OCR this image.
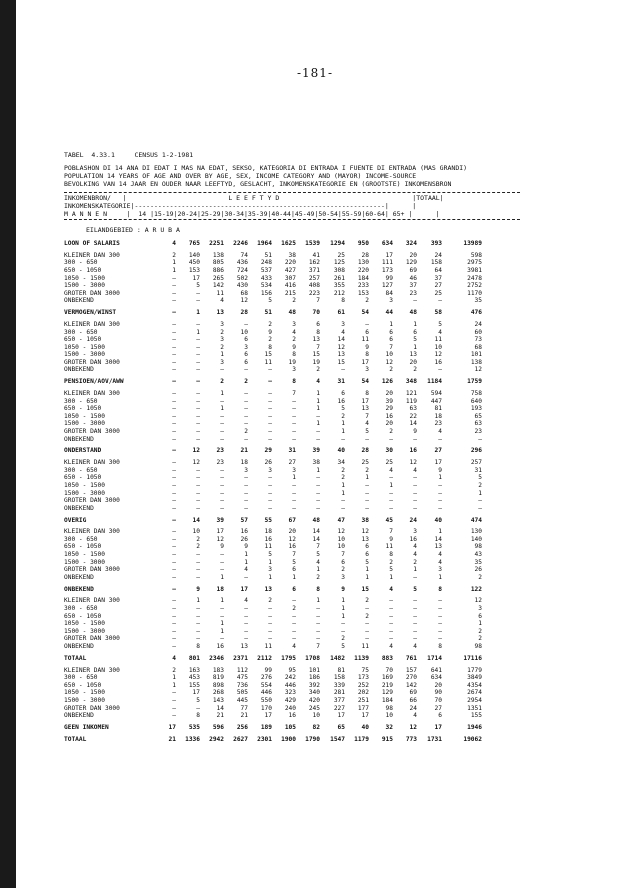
-181-
TABEL  4.33.1	CENSUS 1-2-1981
POBLASHON DI 14 ANA DI EDAT I MAS NA EDAT, SEKSO, KATEGORIA DI ENTRADA I FUENTE DI ENTRADA (MAS GRANDI)
POPULATION 14 YEARS OF AGE AND OVER BY AGE, SEX, INCOME CATEGORY AND (MAYOR) INCOME-SOURCE
BEVOLKING VAN 14 JAAR EN OUDER NAAR LEEFTYD, GESLACHT, INKOMENSKATEGORIE EN (GROOTSTE) INKOMENSBRON
INKOMENBRON/   |                          L E E F T Y D                                  |TOTAAL|
INKOMENSKATEGORIE|----------------------------------------------------------------|      |
M A N N E N     |  14 |15-19|20-24|25-29|30-34|35-39|40-44|45-49|50-54|55-59|60-64| 65+ |      |
EILANDGEBIED : A R U B A
LOON OF SALARIS	4	765	2251	2246	1964	1625	1539	1294	950	634	324	393	13989
KLEINER DAN 300	2	140	138	74	51	38	41	25	28	17	20	24	598
300 - 650	1	450	805	436	248	220	162	125	130	111	129	158	2975
650 - 1050	1	153	886	724	537	427	371	308	220	173	69	64	3981
1050 - 1500	–	17	265	502	433	307	257	261	184	99	46	37	2478
1500 - 3000	–	5	142	430	534	416	408	355	233	127	37	27	2752
GROTER DAN 3000	–	–	11	68	156	215	223	212	153	84	23	25	1170
ONBEKEND	–	–	4	12	5	2	7	8	2	3	–	–	35
VERMOGEN/WINST	–	1	13	28	51	48	70	61	54	44	48	58	476
KLEINER DAN 300	–	–	3	–	2	3	6	3	–	1	1	5	24
300 - 650	–	1	2	10	9	4	8	4	6	6	6	4	60
650 - 1050	–	–	3	6	2	2	13	14	11	6	5	11	73
1050 - 1500	–	–	2	3	8	9	7	12	9	7	1	10	68
1500 - 3000	–	–	1	6	15	8	15	13	8	10	13	12	101
GROTER DAN 3000	–	–	3	6	11	19	19	15	17	12	20	16	138
ONBEKEND	–	–	–	–	–	3	2	–	3	2	2	–	12
PENSIOEN/AOV/AWW	–	–	2	2	–	8	4	31	54	126	348	1184	1759
KLEINER DAN 300	–	–	1	–	–	7	1	6	8	20	121	594	758
300 - 650	–	–	–	–	–	–	1	16	17	39	119	447	640
650 - 1050	–	–	1	–	–	–	1	5	13	29	63	81	193
1050 - 1500	–	–	–	–	–	–	–	2	7	16	22	18	65
1500 - 3000	–	–	–	–	–	–	1	1	4	20	14	23	63
GROTER DAN 3000	–	–	–	2	–	–	–	1	5	2	9	4	23
ONBEKEND	–	–	–	–	–	–	–	–	–	–	–	–	–
ONDERSTAND	–	12	23	21	29	31	39	40	28	30	16	27	296
KLEINER DAN 300	–	12	23	18	26	27	38	34	25	25	12	17	257
300 - 650	–	–	–	3	3	3	1	2	2	4	4	9	31
650 - 1050	–	–	–	–	–	1	–	2	1	–	–	1	5
1050 - 1500	–	–	–	–	–	–	–	1	–	1	–	–	2
1500 - 3000	–	–	–	–	–	–	–	1	–	–	–	–	1
GROTER DAN 3000	–	–	–	–	–	–	–	–	–	–	–	–	–
ONBEKEND	–	–	–	–	–	–	–	–	–	–	–	–	–
OVERIG	–	14	39	57	55	67	48	47	38	45	24	40	474
KLEINER DAN 300	–	10	17	16	18	20	14	12	12	7	3	1	130
300 - 650	–	2	12	26	16	12	14	10	13	9	16	14	140
650 - 1050	–	2	9	9	11	16	7	10	6	11	4	13	98
1050 - 1500	–	–	–	1	5	7	5	7	6	8	4	4	43
1500 - 3000	–	–	–	1	1	5	4	6	5	2	2	4	35
GROTER DAN 3000	–	–	–	4	3	6	1	2	1	5	1	3	26
ONBEKEND	–	–	1	–	1	1	2	3	1	1	–	1	2
ONBEKEND	–	9	18	17	13	6	8	9	15	4	5	8	122
KLEINER DAN 300	–	1	1	4	2	–	1	1	2	–	–	–	12
300 - 650	–	–	–	–	–	2	–	1	–	–	–	–	3
650 - 1050	–	–	–	–	–	–	–	1	2	–	–	–	6
1050 - 1500	–	–	1	–	–	–	–	–	–	–	–	–	1
1500 - 3000	–	–	1	–	–	–	–	–	–	–	–	–	2
GROTER DAN 3000	–	–	–	–	–	–	–	2	–	–	–	–	2
ONBEKEND	–	8	16	13	11	4	7	5	11	4	4	8	98
TOTAAL	4	801	2346	2371	2112	1795	1708	1482	1139	883	761	1714	17116
KLEINER DAN 300	2	163	183	112	99	95	101	81	75	70	157	641	1779
300 - 650	1	453	819	475	276	242	186	158	173	169	270	634	3849
650 - 1050	1	155	898	736	554	446	392	339	252	219	142	20	4354
1050 - 1500	–	17	268	505	446	323	340	281	202	129	69	90	2674
1500 - 3000	–	5	143	445	550	429	420	377	251	184	66	70	2954
GROTER DAN 3000	–	–	14	77	170	240	245	227	177	98	24	27	1351
ONBEKEND	–	8	21	21	17	16	10	17	17	10	4	6	155
GEEN INKOMEN	17	535	596	256	189	105	82	65	40	32	12	17	1946
TOTAAL	21	1336	2942	2627	2301	1900	1790	1547	1179	915	773	1731	19062
